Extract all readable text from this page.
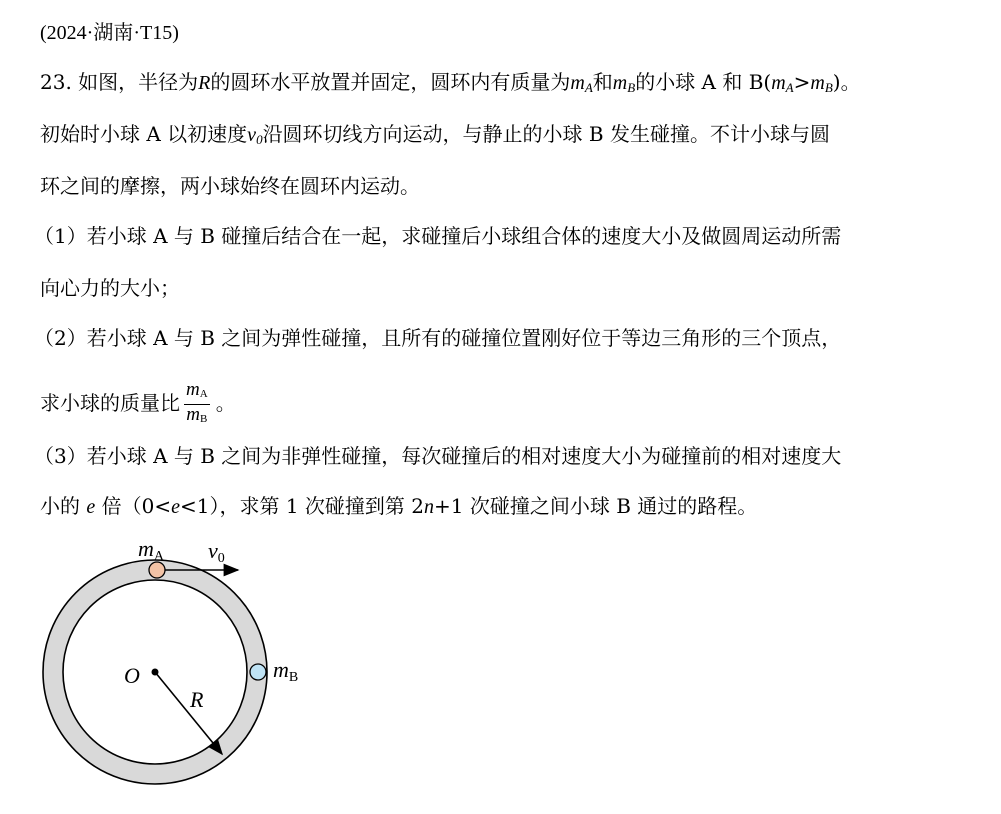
(2024·湖南·T15)
23. 如图，半径为R的圆环水平放置并固定，圆环内有质量为$m_A$和$m_B$的小球 A 和 $B(m_A>m_B)$。
初始时小球 A 以初速度$v_0$沿圆环切线方向运动，与静止的小球 B 发生碰撞。不计小球与圆
环之间的摩擦，两小球始终在圆环内运动。
（1）若小球 A 与 B 碰撞后结合在一起，求碰撞后小球组合体的速度大小及做圆周运动所需
向心力的大小；
（2）若小球 A 与 B 之间为弹性碰撞，且所有的碰撞位置刚好位于等边三角形的三个顶点，
求小球的质量比 $\frac{m_A}{m_B}$ 。
（3）若小球 A 与 B 之间为非弹性碰撞，每次碰撞后的相对速度大小为碰撞前的相对速度大
小的 e 倍（0<e<1），求第 1 次碰撞到第 2n+1 次碰撞之间小球 B 通过的路程。
mA v0
O
R
mB
